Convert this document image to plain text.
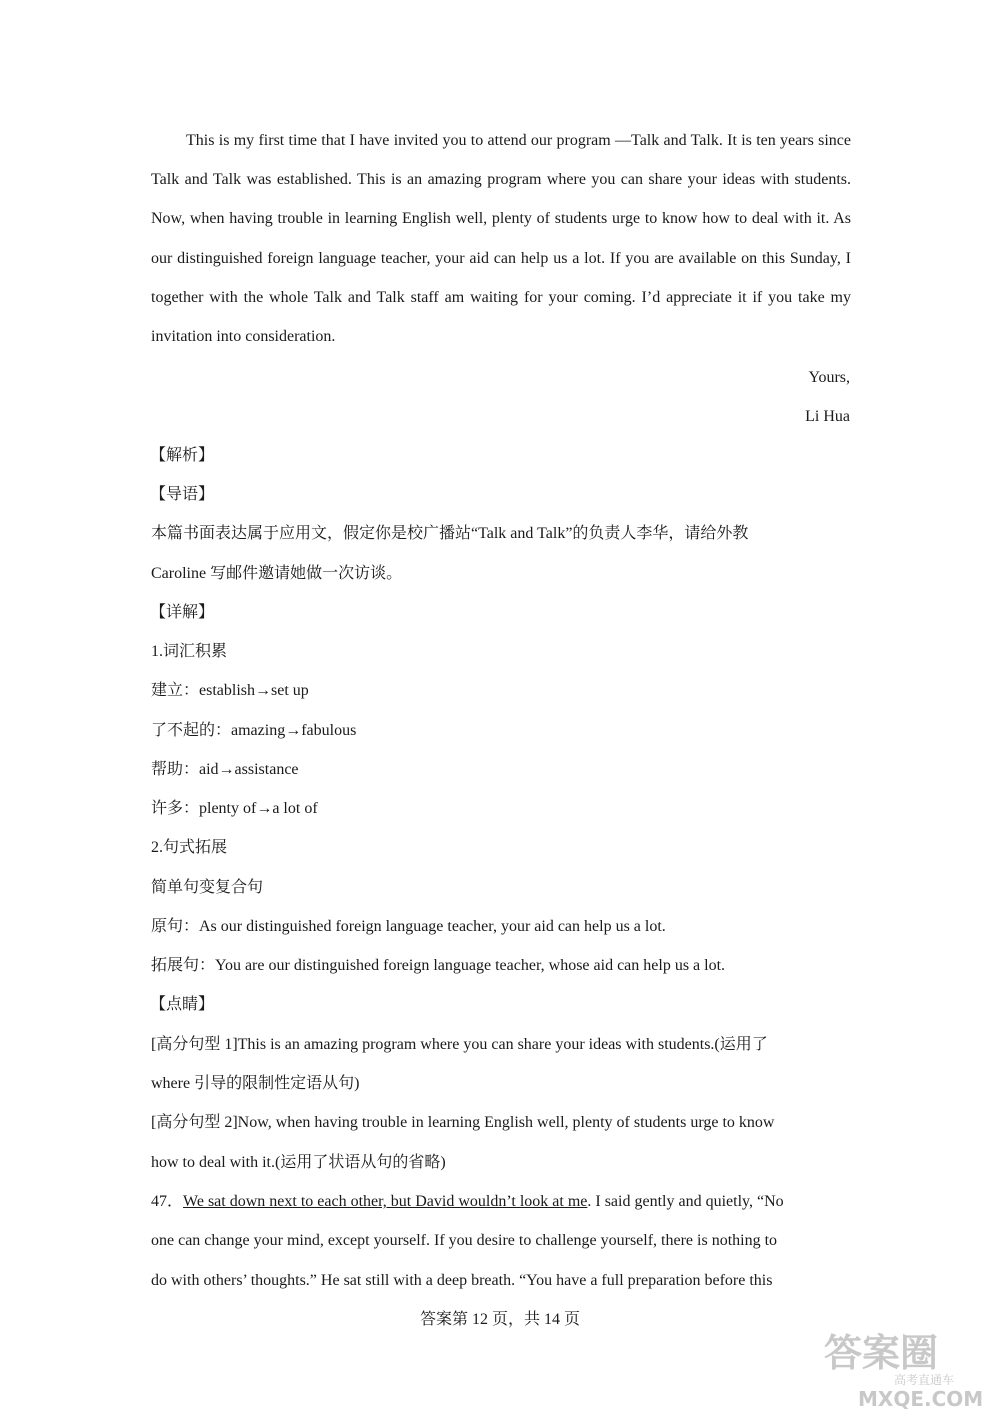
This is my first time that I have invited you to attend our program —Talk and Talk. It is ten years since Talk and Talk was established. This is an amazing program where you can share your ideas with students. Now, when having trouble in learning English well, plenty of students urge to know how to deal with it. As our distinguished foreign language teacher, your aid can help us a lot. If you are available on this Sunday, I together with the whole Talk and Talk staff am waiting for your coming. I’d appreciate it if you take my invitation into consideration.
Yours,
Li Hua
【解析】
【导语】
本篇书面表达属于应用文，假定你是校广播站“Talk and Talk”的负责人李华，请给外教
Caroline 写邮件邀请她做一次访谈。
【详解】
1.词汇积累
建立：establish→set up
了不起的：amazing→fabulous
帮助：aid→assistance
许多：plenty of→a lot of
2.句式拓展
简单句变复合句
原句：As our distinguished foreign language teacher, your aid can help us a lot.
拓展句：You are our distinguished foreign language teacher, whose aid can help us a lot.
【点睛】
[高分句型 1]This is an amazing program where you can share your ideas with students.(运用了
where 引导的限制性定语从句)
[高分句型 2]Now, when having trouble in learning English well, plenty of students urge to know
how to deal with it.(运用了状语从句的省略)
47．We sat down next to each other, but David wouldn’t look at me. I said gently and quietly, “No
one can change your mind, except yourself. If you desire to challenge yourself, there is nothing to
do with others’ thoughts.” He sat still with a deep breath. “You have a full preparation before this
答案第 12 页，共 14 页
答案圈
高考直通车
MXQE.COM
